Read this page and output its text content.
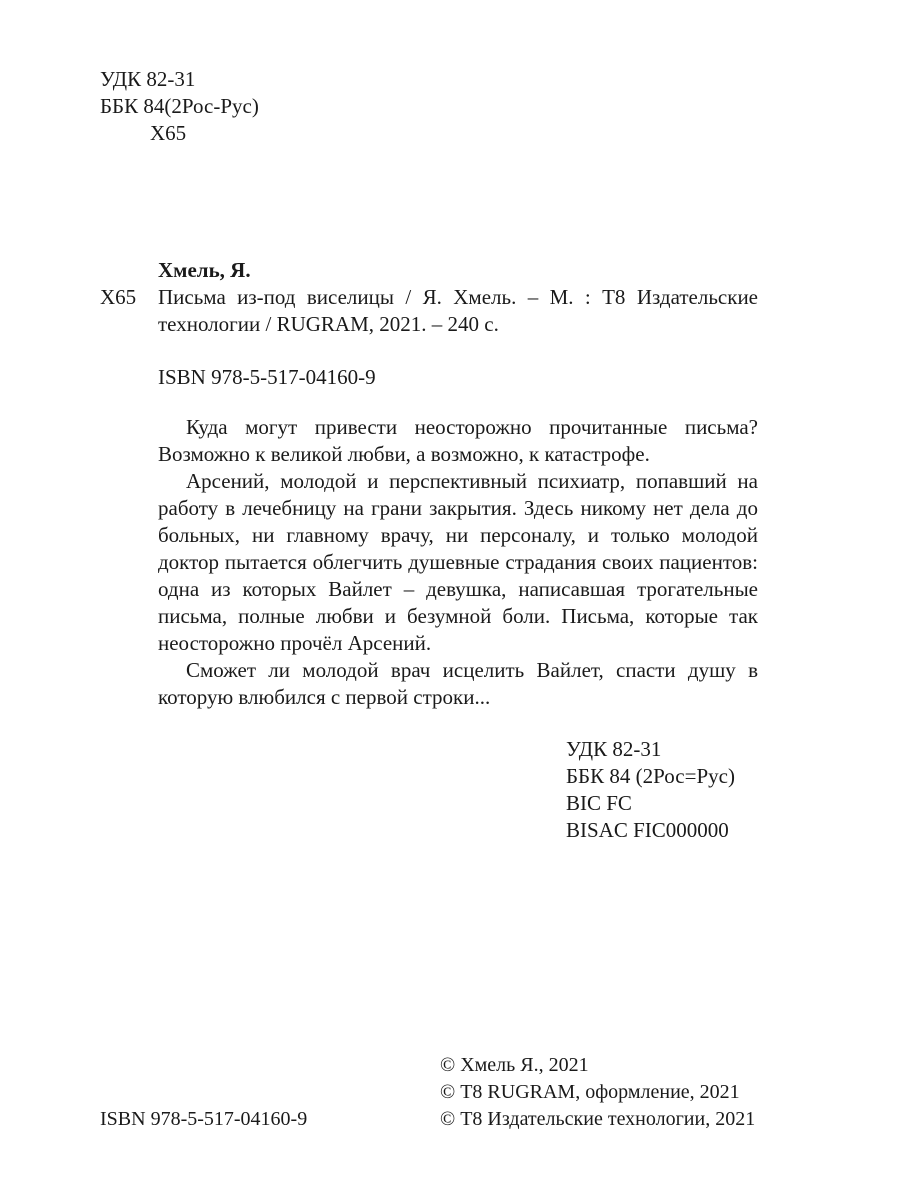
УДК 82-31
ББК 84(2Рос-Рус)
Х65
Хмель, Я.
Х65 Письма из-под виселицы / Я. Хмель. – М. : Т8 Издательские технологии / RUGRAM, 2021. – 240 с.
ISBN 978-5-517-04160-9

Куда могут привести неосторожно прочитанные письма? Возможно к великой любви, а возможно, к катастрофе.

Арсений, молодой и перспективный психиатр, попавший на работу в лечебницу на грани закрытия. Здесь никому нет дела до больных, ни главному врачу, ни персоналу, и только молодой доктор пытается облегчить душевные страдания своих пациентов: одна из которых Вайлет – девушка, написавшая трогательные письма, полные любви и безумной боли. Письма, которые так неосторожно прочёл Арсений.

Сможет ли молодой врач исцелить Вайлет, спасти душу в которую влюбился с первой строки...

УДК 82-31
ББК 84 (2Рос=Рус)
BIC FC
BISAC FIC000000
© Хмель Я., 2021
© Т8 RUGRAM, оформление, 2021
© Т8 Издательские технологии, 2021
ISBN 978-5-517-04160-9
